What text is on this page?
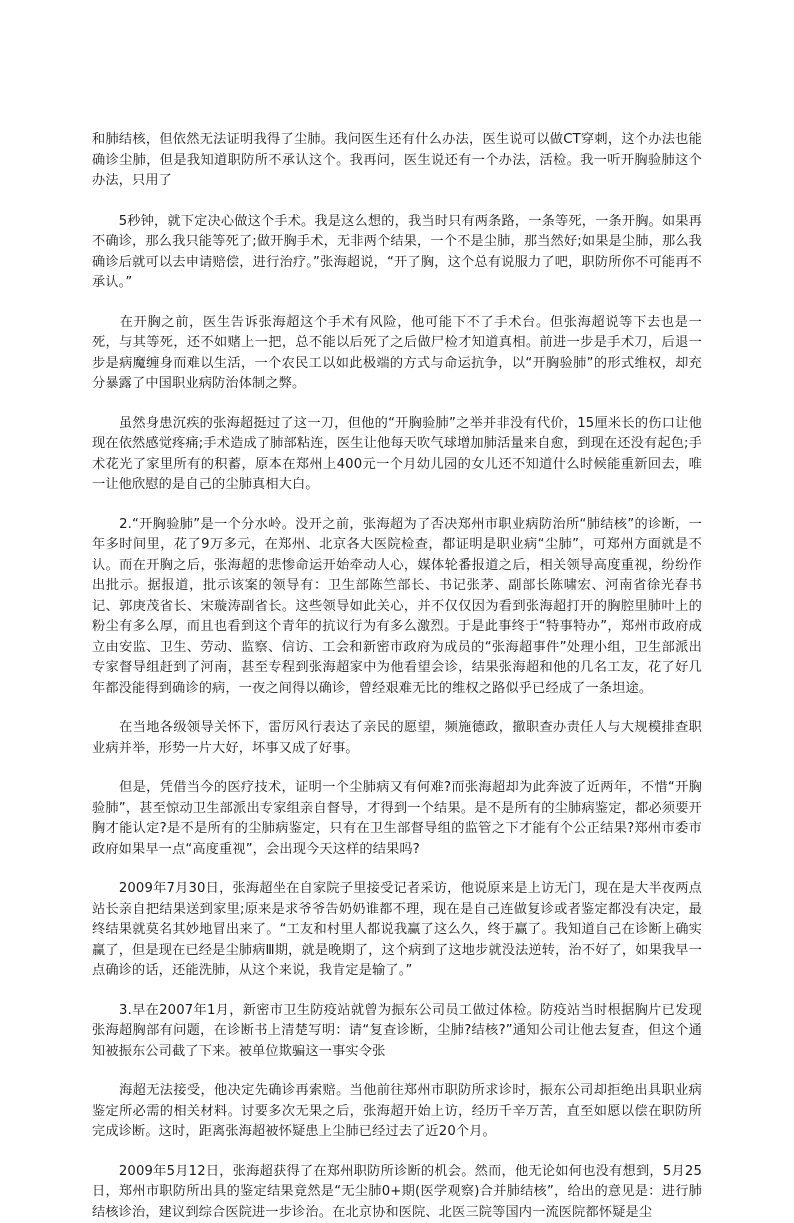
和肺结核，但依然无法证明我得了尘肺。我问医生还有什么办法，医生说可以做CT穿刺，这个办法也能确诊尘肺，但是我知道职防所不承认这个。我再问，医生说还有一个办法，活检。我一听开胸验肺这个办法，只用了

　　5秒钟，就下定决心做这个手术。我是这么想的，我当时只有两条路，一条等死，一条开胸。如果再不确诊，那么我只能等死了;做开胸手术，无非两个结果，一个不是尘肺，那当然好;如果是尘肺，那么我确诊后就可以去申请赔偿，进行治疗。”张海超说，“开了胸，这个总有说服力了吧，职防所你不可能再不承认。”

　　在开胸之前，医生告诉张海超这个手术有风险，他可能下不了手术台。但张海超说等下去也是一死，与其等死，还不如赌上一把，总不能以后死了之后做尸检才知道真相。前进一步是手术刀，后退一步是病魔缠身而难以生活，一个农民工以如此极端的方式与命运抗争，以“开胸验肺”的形式维权，却充分暴露了中国职业病防治体制之弊。

　　虽然身患沉疾的张海超挺过了这一刀，但他的“开胸验肺”之举并非没有代价，15厘米长的伤口让他现在依然感觉疼痛;手术造成了肺部粘连，医生让他每天吹气球增加肺活量来自愈，到现在还没有起色;手术花光了家里所有的积蓄，原本在郑州上400元一个月幼儿园的女儿还不知道什么时候能重新回去，唯一让他欣慰的是自己的尘肺真相大白。

　　2.“开胸验肺”是一个分水岭。没开之前，张海超为了否决郑州市职业病防治所“肺结核”的诊断，一年多时间里，花了9万多元，在郑州、北京各大医院检查，都证明是职业病“尘肺”，可郑州方面就是不认。而在开胸之后，张海超的悲惨命运开始牵动人心，媒体轮番报道之后，相关领导高度重视，纷纷作出批示。据报道，批示该案的领导有：卫生部陈竺部长、书记张茅、副部长陈啸宏、河南省徐光春书记、郭庚茂省长、宋璇涛副省长。这些领导如此关心，并不仅仅因为看到张海超打开的胸腔里肺叶上的粉尘有多么厚，而且也看到这个青年的抗议行为有多么激烈。于是此事终于“特事特办”，郑州市政府成立由安监、卫生、劳动、监察、信访、工会和新密市政府为成员的“张海超事件”处理小组，卫生部派出专家督导组赶到了河南，甚至专程到张海超家中为他看望会诊，结果张海超和他的几名工友，花了好几年都没能得到确诊的病，一夜之间得以确诊，曾经艰难无比的维权之路似乎已经成了一条坦途。

　　在当地各级领导关怀下，雷厉风行表达了亲民的愿望，频施德政，撤职查办责任人与大规模排查职业病并举，形势一片大好，坏事又成了好事。

　　但是，凭借当今的医疗技术，证明一个尘肺病又有何难?而张海超却为此奔波了近两年，不惜“开胸验肺”，甚至惊动卫生部派出专家组亲自督导，才得到一个结果。是不是所有的尘肺病鉴定，都必须要开胸才能认定?是不是所有的尘肺病鉴定，只有在卫生部督导组的监管之下才能有个公正结果?郑州市委市政府如果早一点“高度重视”，会出现今天这样的结果吗?

　　2009年7月30日，张海超坐在自家院子里接受记者采访，他说原来是上访无门，现在是大半夜两点站长亲自把结果送到家里;原来是求爷爷告奶奶谁都不理，现在是自己连做复诊或者鉴定都没有决定，最终结果就莫名其妙地冒出来了。“工友和村里人都说我赢了这么久，终于赢了。我知道自己在诊断上确实赢了，但是现在已经是尘肺病Ⅲ期，就是晚期了，这个病到了这地步就没法逆转，治不好了，如果我早一点确诊的话，还能洗肺，从这个来说，我肯定是输了。”

　　3.早在2007年1月，新密市卫生防疫站就曾为振东公司员工做过体检。防疫站当时根据胸片已发现张海超胸部有问题，在诊断书上清楚写明：请“复查诊断，尘肺?结核?”通知公司让他去复查，但这个通知被振东公司截了下来。被单位欺骗这一事实令张

　　海超无法接受，他决定先确诊再索赔。当他前往郑州市职防所求诊时，振东公司却拒绝出具职业病鉴定所必需的相关材料。讨要多次无果之后，张海超开始上访，经历千辛万苦，直至如愿以偿在职防所完成诊断。这时，距离张海超被怀疑患上尘肺已经过去了近20个月。

　　2009年5月12日，张海超获得了在郑州职防所诊断的机会。然而，他无论如何也没有想到，5月25日，郑州市职防所出具的鉴定结果竟然是“无尘肺0+期(医学观察)合并肺结核”，给出的意见是：进行肺结核诊治，建议到综合医院进一步诊治。在北京协和医院、北医三院等国内一流医院都怀疑是尘
